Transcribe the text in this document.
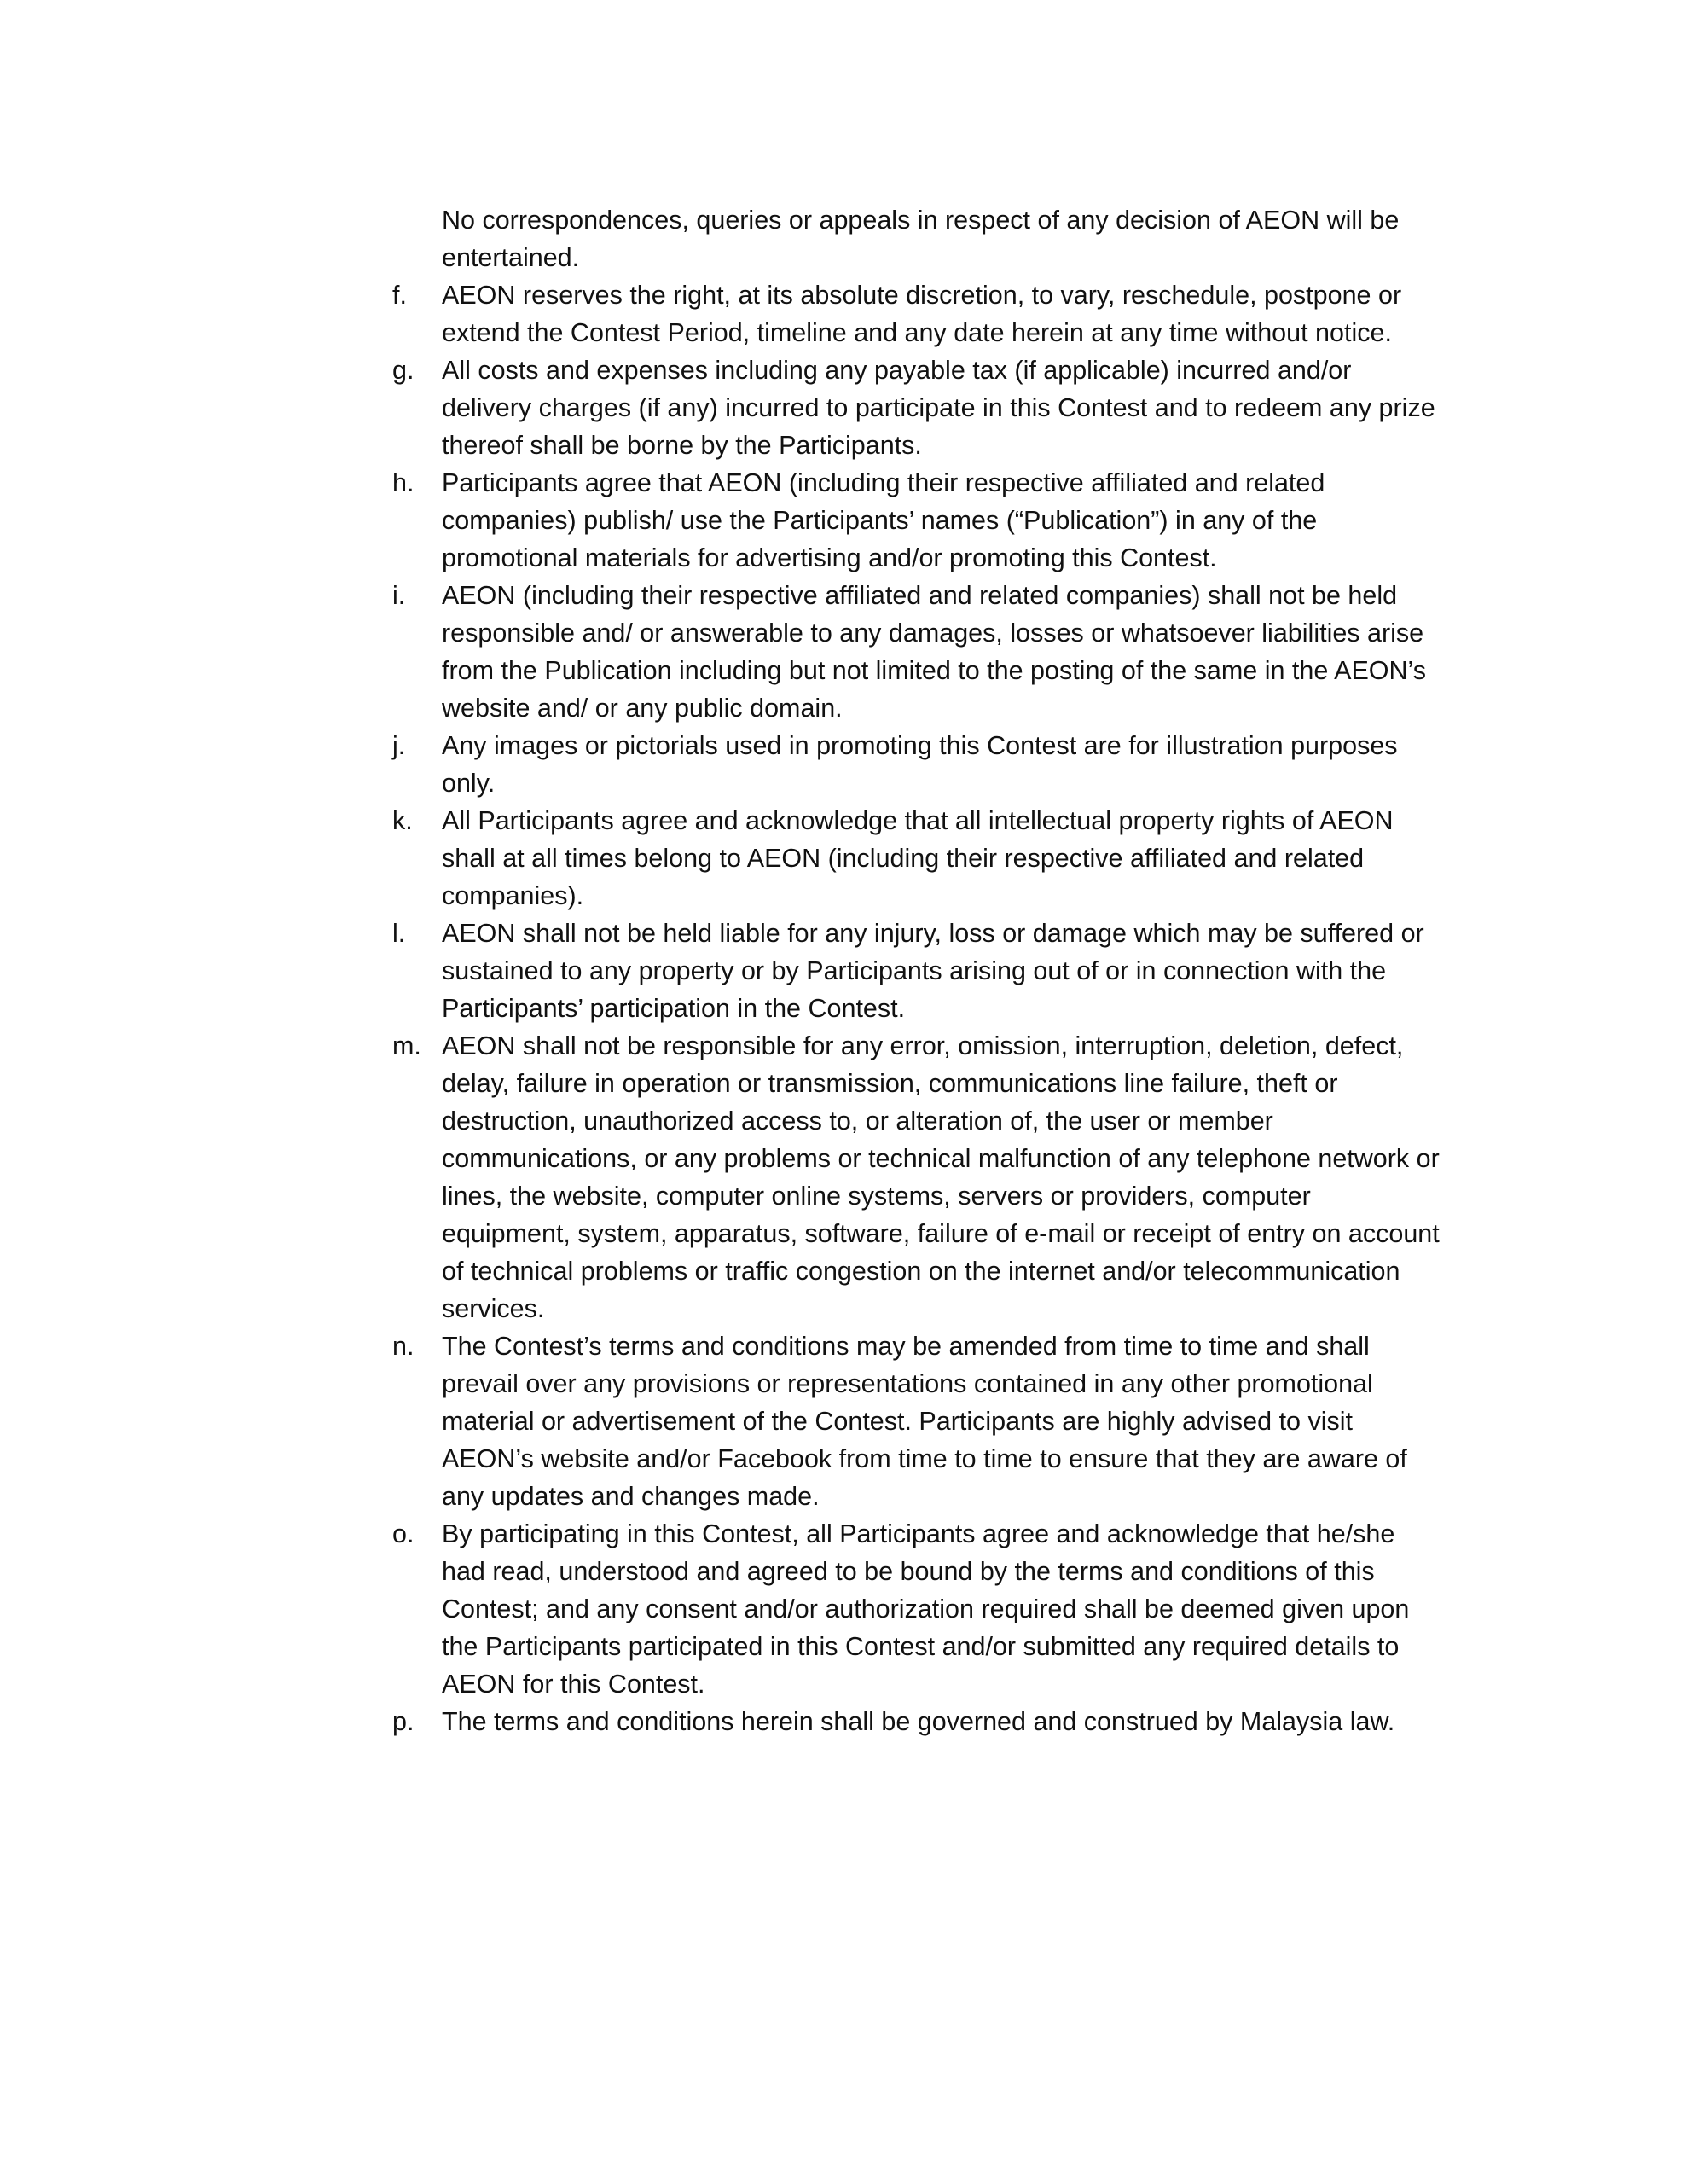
No correspondences, queries or appeals in respect of any decision of AEON will be entertained.
f.	AEON reserves the right, at its absolute discretion, to vary, reschedule, postpone or extend the Contest Period, timeline and any date herein at any time without notice.
g.	All costs and expenses including any payable tax (if applicable) incurred and/or delivery charges (if any) incurred to participate in this Contest and to redeem any prize thereof shall be borne by the Participants.
h.	Participants agree that AEON (including their respective affiliated and related companies) publish/ use the Participants’ names (“Publication”) in any of the promotional materials for advertising and/or promoting this Contest.
i.	AEON (including their respective affiliated and related companies) shall not be held responsible and/ or answerable to any damages, losses or whatsoever liabilities arise from the Publication including but not limited to the posting of the same in the AEON’s website and/ or any public domain.
j.	Any images or pictorials used in promoting this Contest are for illustration purposes only.
k.	All Participants agree and acknowledge that all intellectual property rights of AEON shall at all times belong to AEON (including their respective affiliated and related companies).
l.	AEON shall not be held liable for any injury, loss or damage which may be suffered or sustained to any property or by Participants arising out of or in connection with the Participants’ participation in the Contest.
m. AEON shall not be responsible for any error, omission, interruption, deletion, defect, delay, failure in operation or transmission, communications line failure, theft or destruction, unauthorized access to, or alteration of, the user or member communications, or any problems or technical malfunction of any telephone network or lines, the website, computer online systems, servers or providers, computer equipment, system, apparatus, software, failure of e-mail or receipt of entry on account of technical problems or traffic congestion on the internet and/or telecommunication services.
n.	The Contest’s terms and conditions may be amended from time to time and shall prevail over any provisions or representations contained in any other promotional material or advertisement of the Contest. Participants are highly advised to visit AEON’s website and/or Facebook from time to time to ensure that they are aware of any updates and changes made.
o.	By participating in this Contest, all Participants agree and acknowledge that he/she had read, understood and agreed to be bound by the terms and conditions of this Contest; and any consent and/or authorization required shall be deemed given upon the Participants participated in this Contest and/or submitted any required details to AEON for this Contest.
p.	The terms and conditions herein shall be governed and construed by Malaysia law.
